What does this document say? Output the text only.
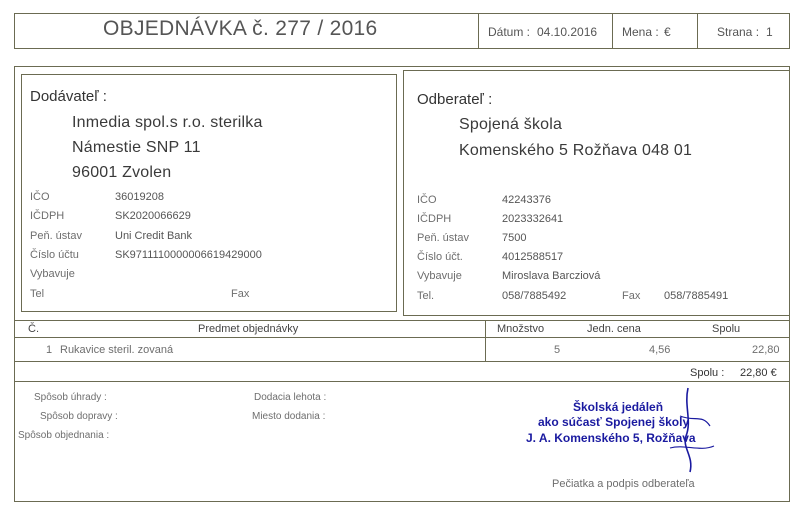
OBJEDNÁVKA č. 277 / 2016	Dátum : 04.10.2016 Mena : €	Strana : 1
Dodávateľ :
Inmedia spol.s r.o. sterilka
Námestie SNP 11
96001 Zvolen
IČO	36019208
IČDPH	SK2020066629
Peň. ústav	Uni Credit Bank
Číslo účtu	SK9711110000006619429000
Vybavuje
Tel	Fax
Odberateľ :
Spojená škola
Komenského 5 Rožňava 048 01
IČO	42243376
IČDPH	2023332641
Peň. ústav	7500
Číslo účt.	4012588517
Vybavuje	Miroslava Barcziová
Tel.	058/7885492	Fax 058/7885491
Č.	Predmet objednávky	Množstvo	Jedn. cena	Spolu
1 Rukavice steril. zovaná	5	4,56	22,80
Spolu : 22,80 €
Spôsob úhrady :
Spôsob dopravy :
Spôsob objednania :
Dodacia lehota :
Miesto dodania :
Školská jedáleň
ako súčasť Spojenej školy
J. A. Komenského 5, Rožňava
Pečiatka a podpis odberateľa
